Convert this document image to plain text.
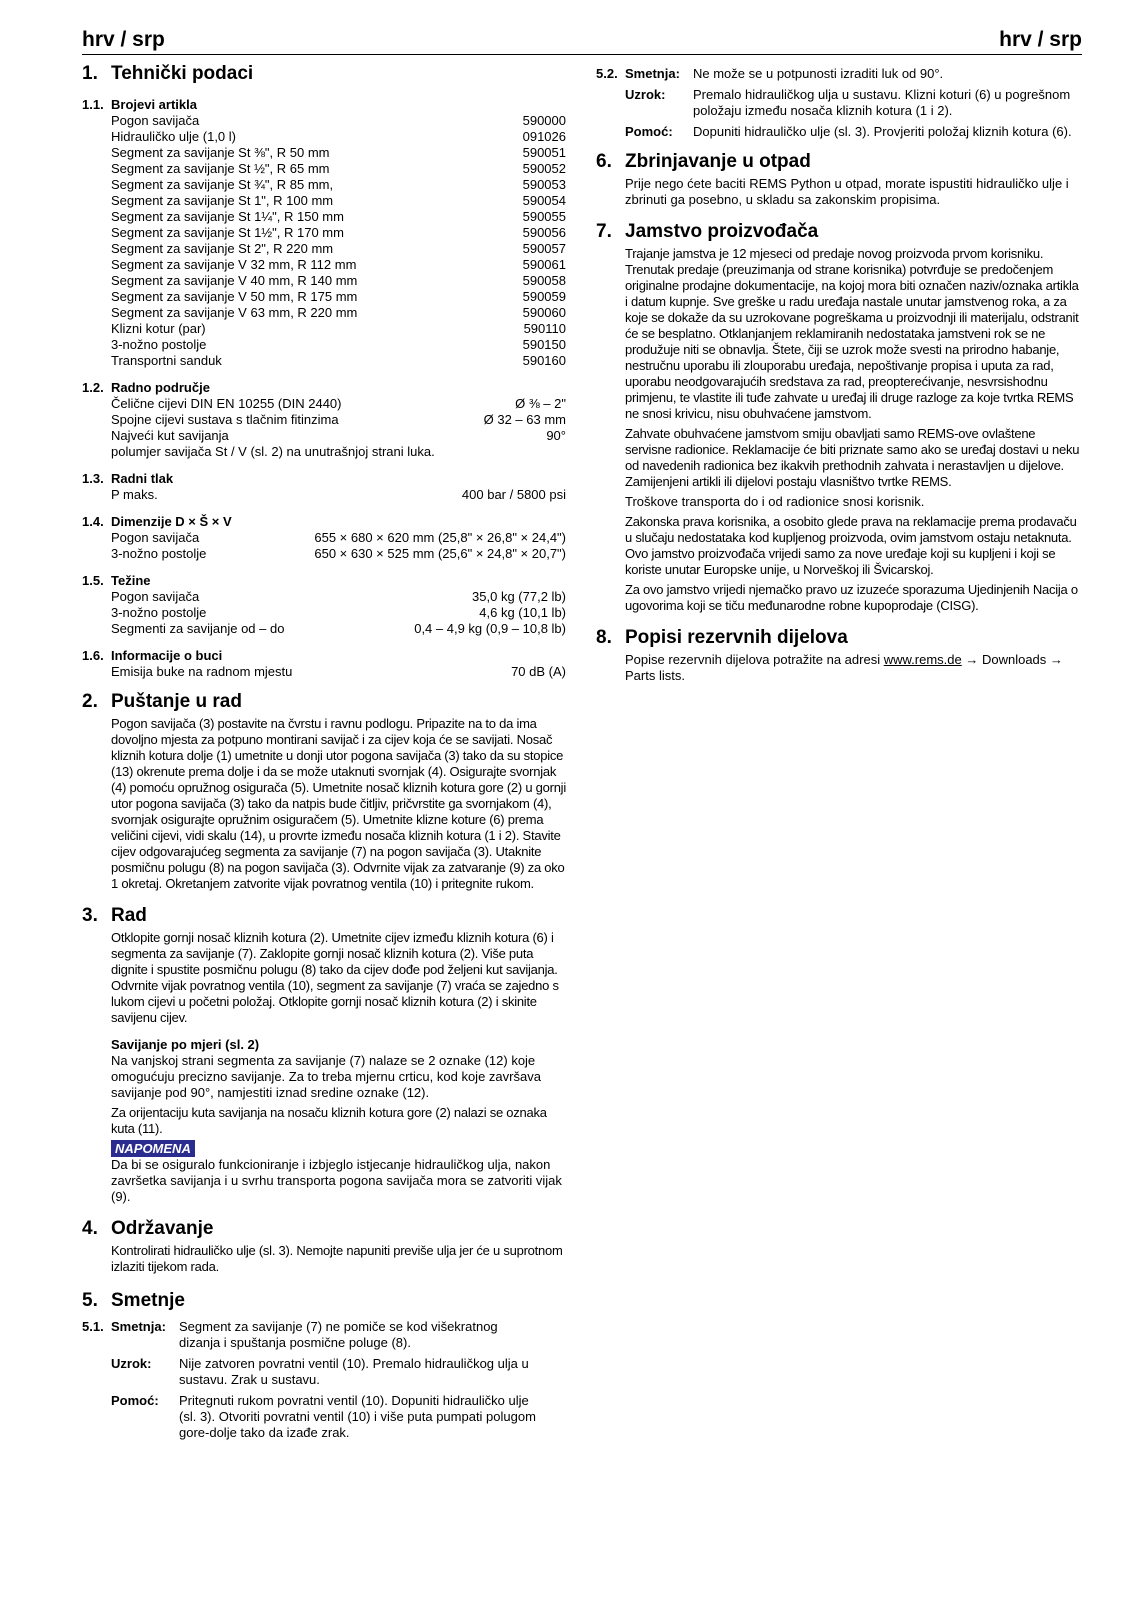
hrv / srp	hrv / srp
1. Tehnički podaci
1.1. Brojevi artikla
Pogon savijača	590000
Hidrauličko ulje (1,0 l)	091026
Segment za savijanje St ⅜", R 50 mm	590051
Segment za savijanje St ½", R 65 mm	590052
Segment za savijanje St ¾", R 85 mm,	590053
Segment za savijanje St 1", R 100 mm	590054
Segment za savijanje St 1¼", R 150 mm	590055
Segment za savijanje St 1½", R 170 mm	590056
Segment za savijanje St 2", R 220 mm	590057
Segment za savijanje V 32 mm, R 112 mm	590061
Segment za savijanje V 40 mm, R 140 mm	590058
Segment za savijanje V 50 mm, R 175 mm	590059
Segment za savijanje V 63 mm, R 220 mm	590060
Klizni kotur (par)	590110
3-nožno postolje	590150
Transportni sanduk	590160
1.2. Radno područje
Čelične cijevi DIN EN 10255 (DIN 2440)	Ø ⅜ – 2"
Spojne cijevi sustava s tlačnim fitinzima	Ø 32 – 63 mm
Najveći kut savijanja	90°
polumjer savijača St / V (sl. 2) na unutrašnjoj strani luka.
1.3. Radni tlak
P maks.	400 bar / 5800 psi
1.4. Dimenzije D × Š × V
Pogon savijača	655 × 680 × 620 mm (25,8" × 26,8" × 24,4")
3-nožno postolje	650 × 630 × 525 mm (25,6" × 24,8" × 20,7")
1.5. Težine
Pogon savijača	35,0 kg (77,2 lb)
3-nožno postolje	4,6 kg (10,1 lb)
Segmenti za savijanje od – do	0,4 – 4,9 kg (0,9 – 10,8 lb)
1.6. Informacije o buci
Emisija buke na radnom mjestu	70 dB (A)
2. Puštanje u rad
Pogon savijača (3) postavite na čvrstu i ravnu podlogu. Pripazite na to da ima dovoljno mjesta za potpuno montirani savijač i za cijev koja će se savijati. Nosač kliznih kotura dolje (1) umetnite u donji utor pogona savijača (3) tako da su stopice (13) okrenute prema dolje i da se može utaknuti svornjak (4). Osigurajte svornjak (4) pomoću opružnog osigurača (5). Umetnite nosač kliznih kotura gore (2) u gornji utor pogona savijača (3) tako da natpis bude čitljiv, pričvrstite ga svornjakom (4), svornjak osigurajte opružnim osiguračem (5). Umetnite klizne koture (6) prema veličini cijevi, vidi skalu (14), u provrte između nosača kliznih kotura (1 i 2). Stavite cijev odgovarajućeg segmenta za savijanje (7) na pogon savijača (3). Utaknite posmičnu polugu (8) na pogon savijača (3). Odvrnite vijak za zatvaranje (9) za oko 1 okretaj. Okretanjem zatvorite vijak povratnog ventila (10) i pritegnite rukom.
3. Rad
Otklopite gornji nosač kliznih kotura (2). Umetnite cijev između kliznih kotura (6) i segmenta za savijanje (7). Zaklopite gornji nosač kliznih kotura (2). Više puta dignite i spustite posmičnu polugu (8) tako da cijev dođe pod željeni kut savijanja. Odvrnite vijak povratnog ventila (10), segment za savijanje (7) vraća se zajedno s lukom cijevi u početni položaj. Otklopite gornji nosač kliznih kotura (2) i skinite savijenu cijev.
Savijanje po mjeri (sl. 2)
Na vanjskoj strani segmenta za savijanje (7) nalaze se 2 oznake (12) koje omogućuju precizno savijanje. Za to treba mjernu crticu, kod koje završava savijanje pod 90°, namjestiti iznad sredine oznake (12).
Za orijentaciju kuta savijanja na nosaču kliznih kotura gore (2) nalazi se oznaka kuta (11).
NAPOMENA
Da bi se osiguralo funkcioniranje i izbjeglo istjecanje hidrauličkog ulja, nakon završetka savijanja i u svrhu transporta pogona savijača mora se zatvoriti vijak (9).
4. Održavanje
Kontrolirati hidrauličko ulje (sl. 3). Nemojte napuniti previše ulja jer će u suprotnom izlaziti tijekom rada.
5. Smetnje
5.1. Smetnja:	Segment za savijanje (7) ne pomiče se kod višekratnog dizanja i spuštanja posmične poluge (8).
Uzrok:	Nije zatvoren povratni ventil (10). Premalo hidrauličkog ulja u sustavu. Zrak u sustavu.
Pomoć:	Pritegnuti rukom povratni ventil (10). Dopuniti hidrauličko ulje (sl. 3). Otvoriti povratni ventil (10) i više puta pumpati polugom gore-dolje tako da izađe zrak.
5.2. Smetnja:	Ne može se u potpunosti izraditi luk od 90°.
Uzrok:	Premalo hidrauličkog ulja u sustavu. Klizni koturi (6) u pogrešnom položaju između nosača kliznih kotura (1 i 2).
Pomoć:	Dopuniti hidrauličko ulje (sl. 3). Provjeriti položaj kliznih kotura (6).
6. Zbrinjavanje u otpad
Prije nego ćete baciti REMS Python u otpad, morate ispustiti hidrauličko ulje i zbrinuti ga posebno, u skladu sa zakonskim propisima.
7. Jamstvo proizvođača
Trajanje jamstva je 12 mjeseci od predaje novog proizvoda prvom korisniku. Trenutak predaje (preuzimanja od strane korisnika) potvrđuje se predočenjem originalne prodajne dokumentacije, na kojoj mora biti označen naziv/oznaka artikla i datum kupnje. Sve greške u radu uređaja nastale unutar jamstvenog roka, a za koje se dokaže da su uzrokovane pogreškama u proizvodnji ili materijalu, odstranit će se besplatno. Otklanjanjem reklamiranih nedostataka jamstveni rok se ne produžuje niti se obnavlja. Štete, čiji se uzrok može svesti na prirodno habanje, nestručnu uporabu ili zlouporabu uređaja, nepoštivanje propisa i uputa za rad, uporabu neodgovarajućih sredstava za rad, preopterećivanje, nesvrsishodnu primjenu, te vlastite ili tuđe zahvate u uređaj ili druge razloge za koje tvrtka REMS ne snosi krivicu, nisu obuhvaćene jamstvom.
Zahvate obuhvaćene jamstvom smiju obavljati samo REMS-ove ovlaštene servisne radionice. Reklamacije će biti priznate samo ako se uređaj dostavi u neku od navedenih radionica bez ikakvih prethodnih zahvata i nerastavljen u dijelove. Zamijenjeni artikli ili dijelovi postaju vlasništvo tvrtke REMS.
Troškove transporta do i od radionice snosi korisnik.
Zakonska prava korisnika, a osobito glede prava na reklamacije prema prodavaču u slučaju nedostataka kod kupljenog proizvoda, ovim jamstvom ostaju netaknuta. Ovo jamstvo proizvođača vrijedi samo za nove uređaje koji su kupljeni i koji se koriste unutar Europske unije, u Norveškoj ili Švicarskoj.
Za ovo jamstvo vrijedi njemačko pravo uz izuzeće sporazuma Ujedinjenih Nacija o ugovorima koji se tiču međunarodne robne kupoprodaje (CISG).
8. Popisi rezervnih dijelova
Popise rezervnih dijelova potražite na adresi www.rems.de → Downloads → Parts lists.
